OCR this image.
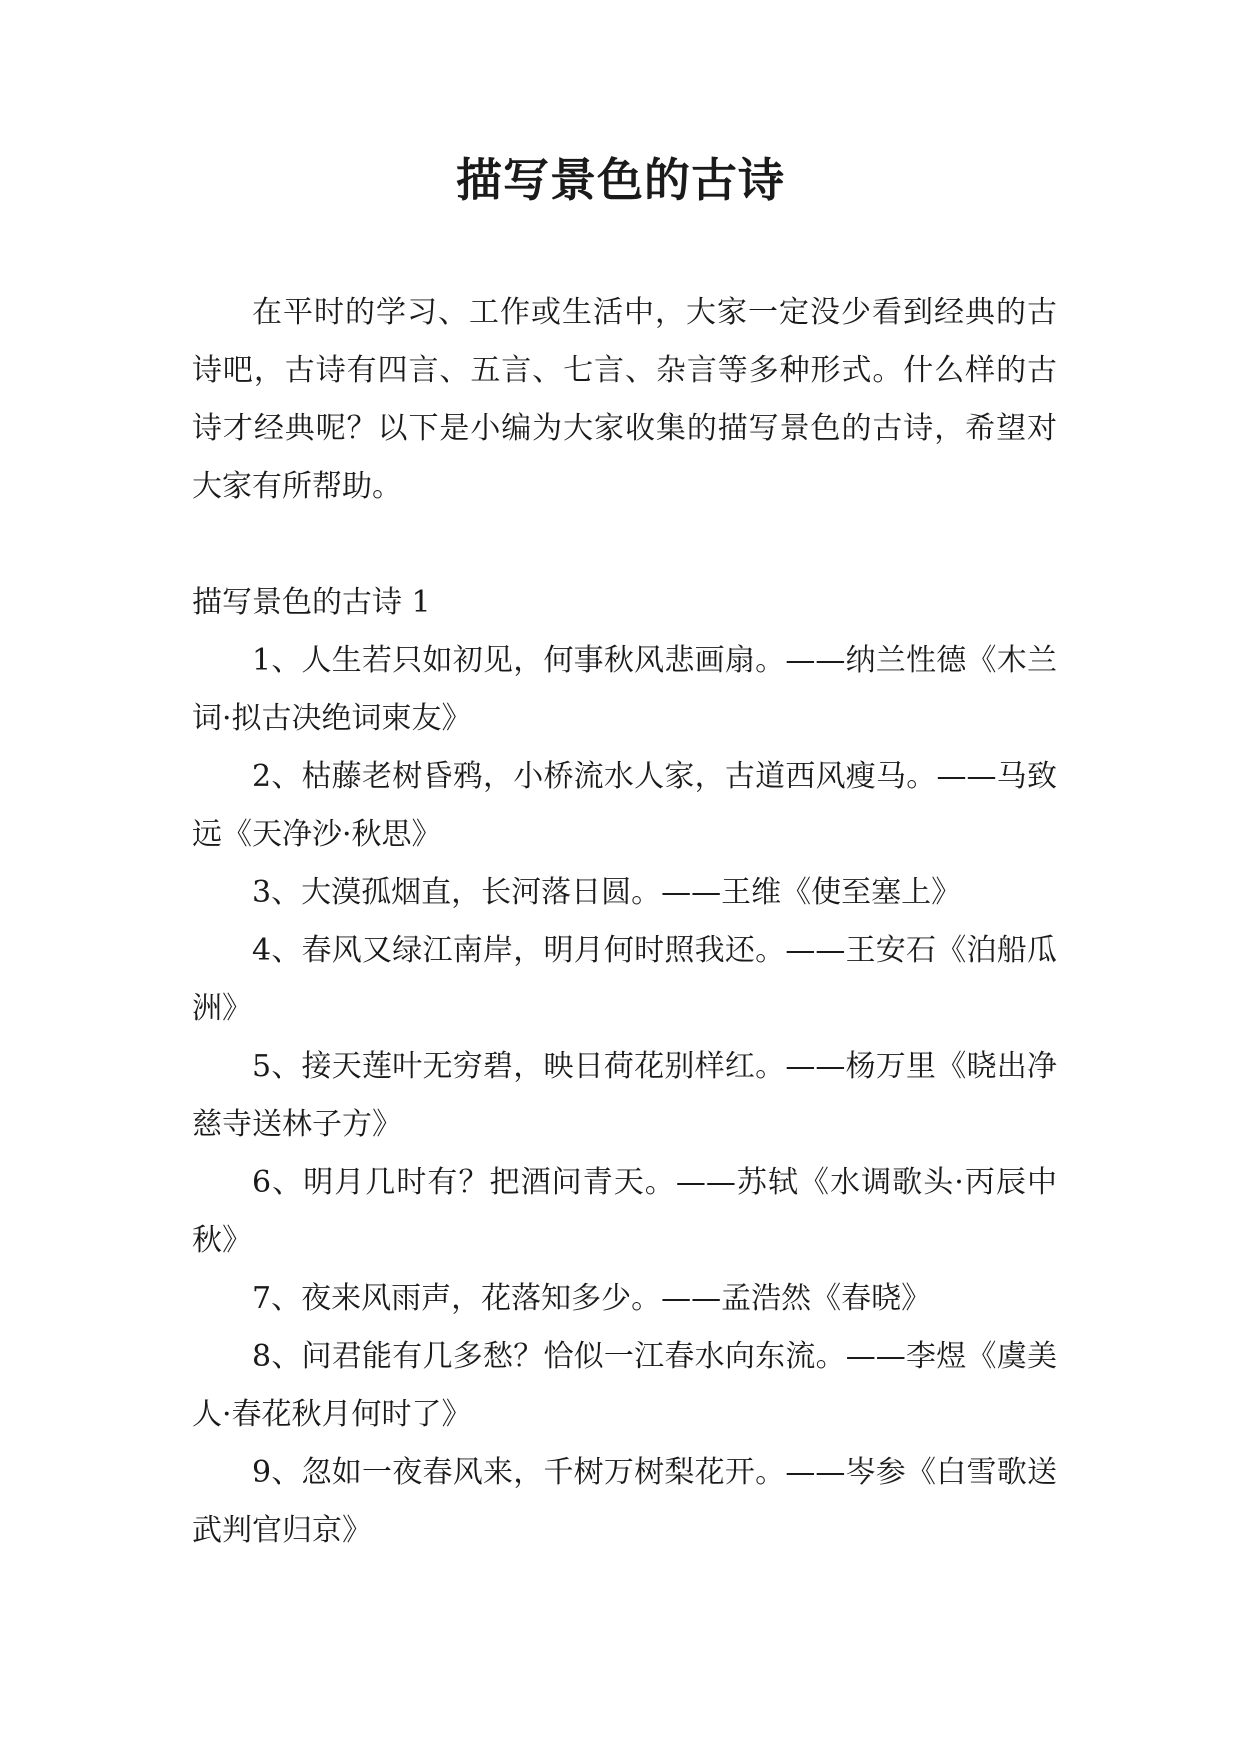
描写景色的古诗

在平时的学习、工作或生活中，大家一定没少看到经典的古诗吧，古诗有四言、五言、七言、杂言等多种形式。什么样的古诗才经典呢？以下是小编为大家收集的描写景色的古诗，希望对大家有所帮助。

描写景色的古诗 1

1、人生若只如初见，何事秋风悲画扇。——纳兰性德《木兰词·拟古决绝词柬友》

2、枯藤老树昏鸦，小桥流水人家，古道西风瘦马。——马致远《天净沙·秋思》

3、大漠孤烟直，长河落日圆。——王维《使至塞上》

4、春风又绿江南岸，明月何时照我还。——王安石《泊船瓜洲》

5、接天莲叶无穷碧，映日荷花别样红。——杨万里《晓出净慈寺送林子方》

6、明月几时有？把酒问青天。——苏轼《水调歌头·丙辰中秋》

7、夜来风雨声，花落知多少。——孟浩然《春晓》

8、问君能有几多愁？恰似一江春水向东流。——李煜《虞美人·春花秋月何时了》

9、忽如一夜春风来，千树万树梨花开。——岑参《白雪歌送武判官归京》
